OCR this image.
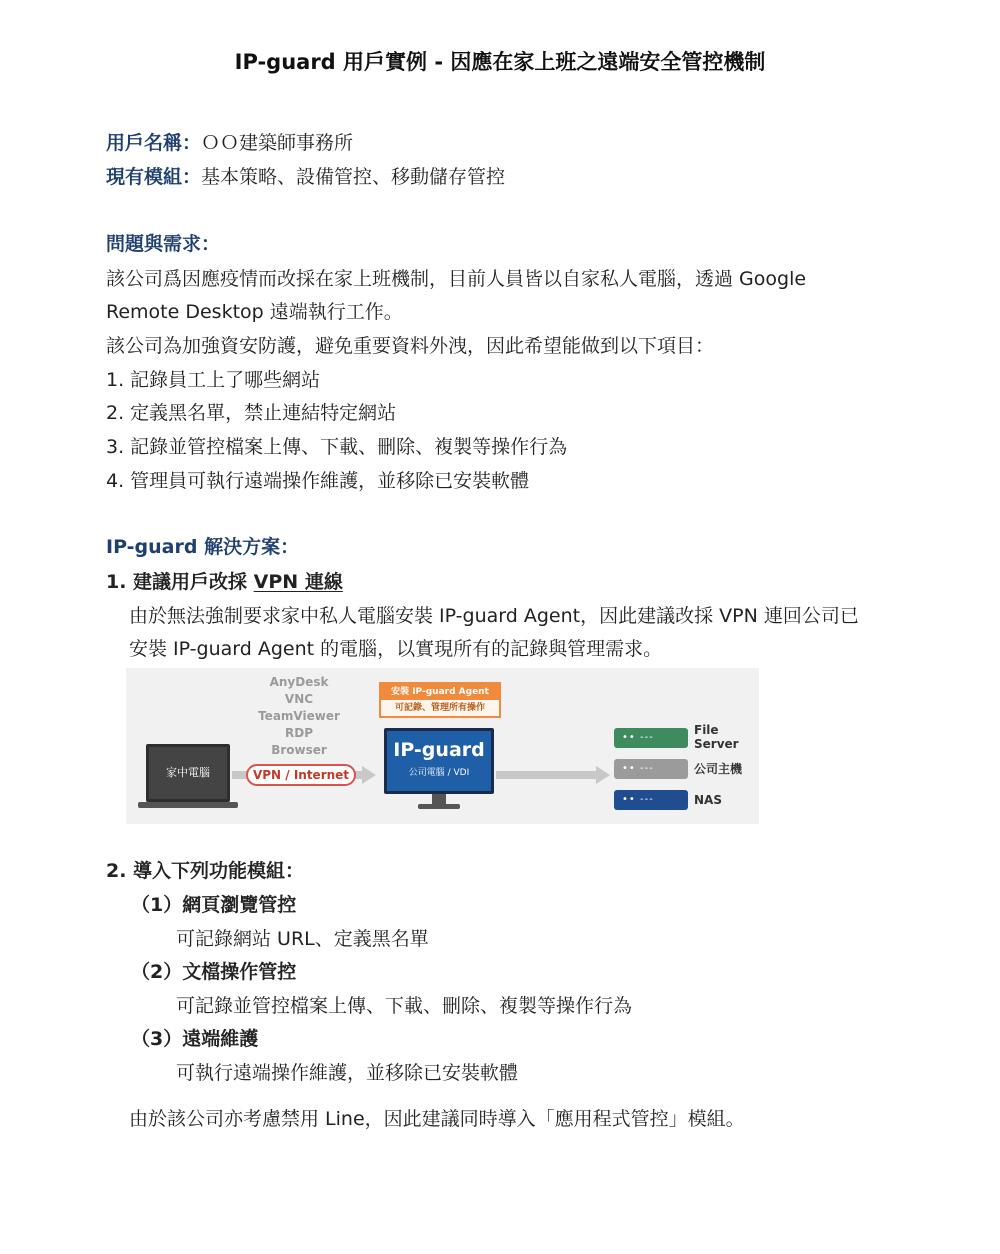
IP-guard 用戶實例 - 因應在家上班之遠端安全管控機制
用戶名稱：ＯＯ建築師事務所
現有模組：基本策略、設備管控、移動儲存管控
問題與需求：
該公司爲因應疫情而改採在家上班機制，目前人員皆以自家私人電腦，透過 Google
Remote Desktop 遠端執行工作。
該公司為加強資安防護，避免重要資料外洩，因此希望能做到以下項目：
1. 記錄員工上了哪些網站
2. 定義黑名單，禁止連結特定網站
3. 記錄並管控檔案上傳、下載、刪除、複製等操作行為
4. 管理員可執行遠端操作維護，並移除已安裝軟體
IP-guard 解決方案：
1. 建議用戶改採 VPN 連線
由於無法強制要求家中私人電腦安裝 IP-guard Agent，因此建議改採 VPN 連回公司已
安裝 IP-guard Agent 的電腦，以實現所有的記錄與管理需求。
AnyDesk
VNC
TeamViewer
RDP
Browser
家中電腦	VPN / Internet
安裝 IP-guard Agent
可記錄、管理所有操作
IP-guard
公司電腦 / VDI
•• ---
File
Server
•• ---	公司主機
•• ---	NAS
2. 導入下列功能模組：
（1）網頁瀏覽管控
可記錄網站 URL、定義黑名單
（2）文檔操作管控
可記錄並管控檔案上傳、下載、刪除、複製等操作行為
（3）遠端維護
可執行遠端操作維護，並移除已安裝軟體
由於該公司亦考慮禁用 Line，因此建議同時導入「應用程式管控」模組。
